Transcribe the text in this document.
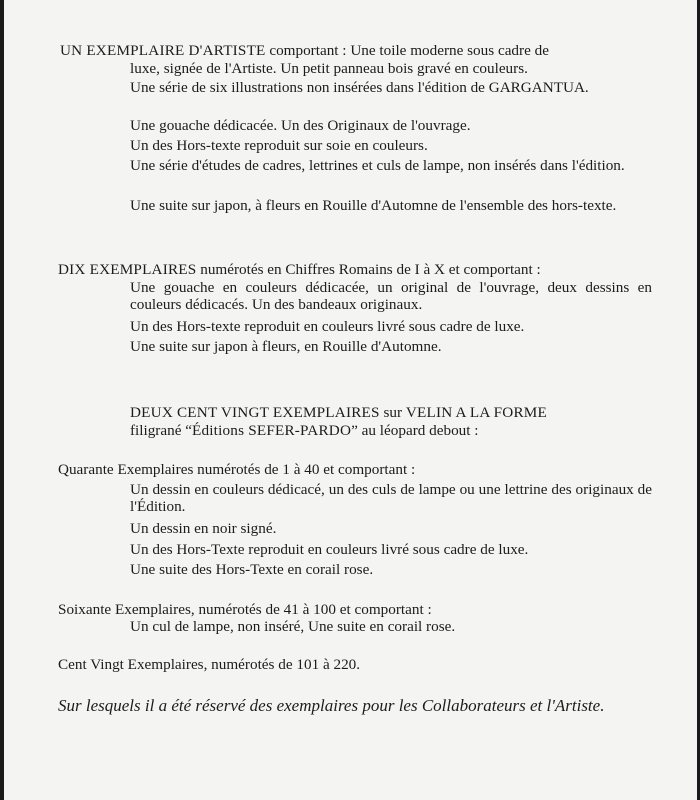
UN EXEMPLAIRE D'ARTISTE comportant : Une toile moderne sous cadre de

luxe, signée de l'Artiste. Un petit panneau bois gravé en couleurs.

Une série de six illustrations non insérées dans l'édition de GARGANTUA.

Une gouache dédicacée. Un des Originaux de l'ouvrage.

Un des Hors-texte reproduit sur soie en couleurs.

Une série d'études de cadres, lettrines et culs de lampe, non insérés dans l'édition.

Une suite sur japon, à fleurs en Rouille d'Automne de l'ensemble des hors-texte.

DIX EXEMPLAIRES numérotés en Chiffres Romains de I à X et comportant :

Une gouache en couleurs dédicacée, un original de l'ouvrage, deux dessins en couleurs dédicacés. Un des bandeaux originaux.

Un des Hors-texte reproduit en couleurs livré sous cadre de luxe.

Une suite sur japon à fleurs, en Rouille d'Automne.

DEUX CENT VINGT EXEMPLAIRES sur VELIN A LA FORME

filigrané “Éditions SEFER-PARDO” au léopard debout :

Quarante Exemplaires numérotés de 1 à 40 et comportant :

Un dessin en couleurs dédicacé, un des culs de lampe ou une lettrine des originaux de l'Édition.

Un dessin en noir signé.

Un des Hors-Texte reproduit en couleurs livré sous cadre de luxe.

Une suite des Hors-Texte en corail rose.

Soixante Exemplaires, numérotés de 41 à 100 et comportant :

Un cul de lampe, non inséré, Une suite en corail rose.

Cent Vingt Exemplaires, numérotés de 101 à 220.

Sur lesquels il a été réservé des exemplaires pour les Collaborateurs et l'Artiste.
